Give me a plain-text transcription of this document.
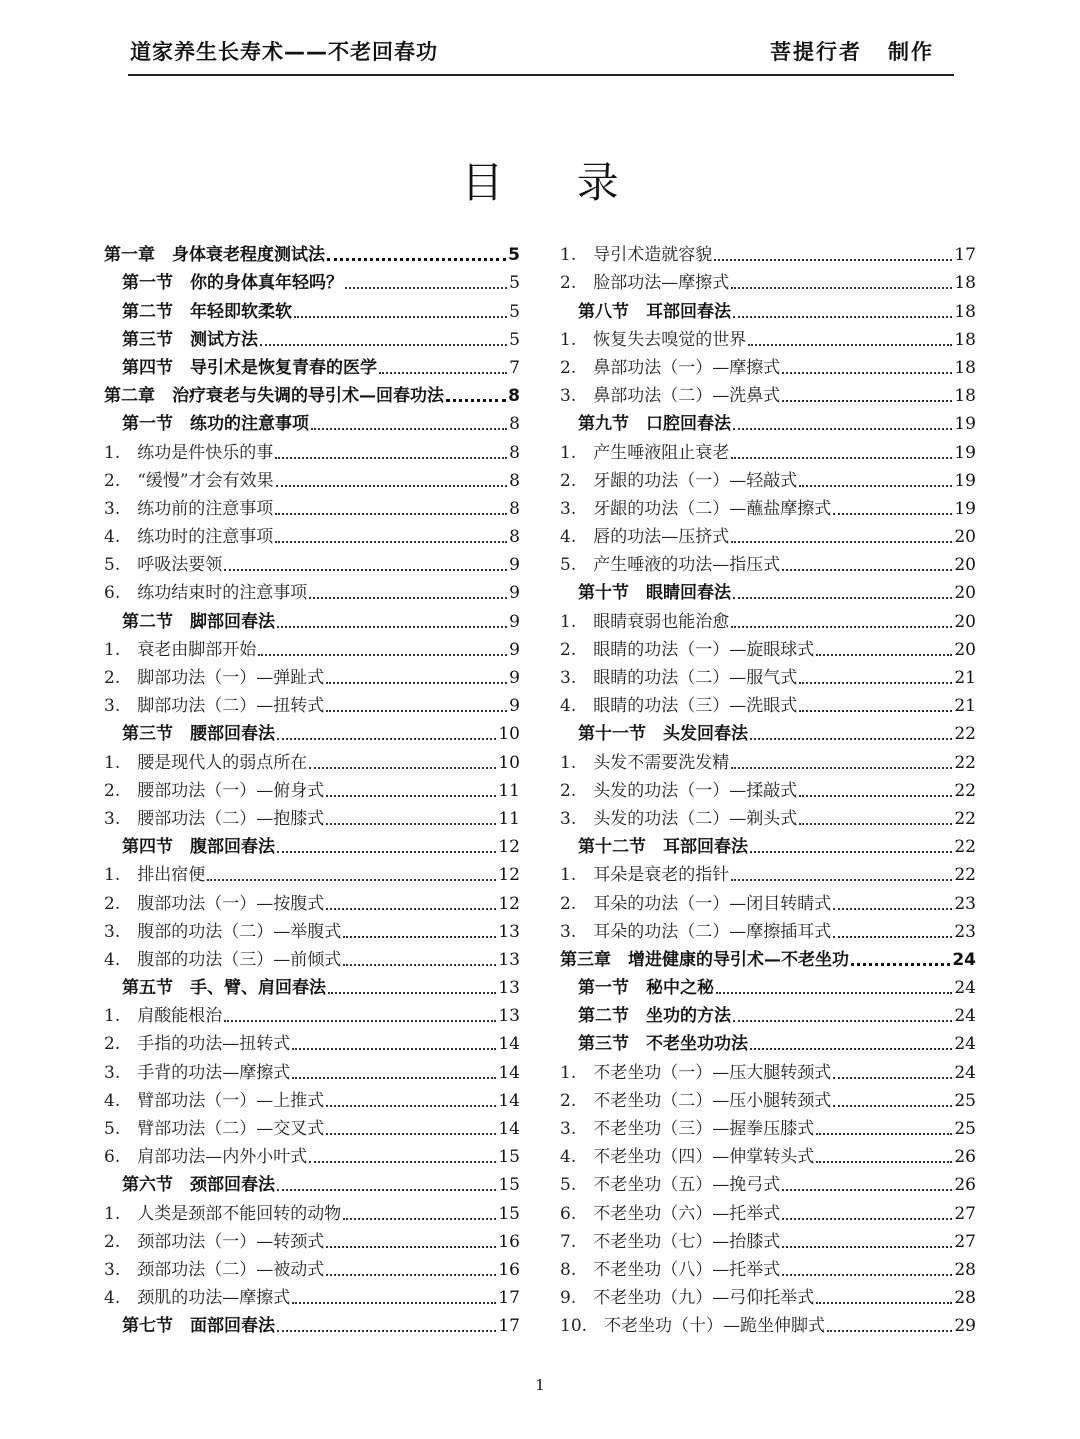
道家养生长寿术——不老回春功	菩提行者 制作
目 录
第一章　身体衰老程度测试法	5
第一节　你的身体真年轻吗？	5
第二节　年轻即软柔软	5
第三节　测试方法	5
第四节　导引术是恢复青春的医学	7
第二章　治疗衰老与失调的导引术—回春功法	8
第一节　练功的注意事项	8
1.　练功是件快乐的事	8
2.　“缓慢”才会有效果	8
3.　练功前的注意事项	8
4.　练功时的注意事项	8
5.　呼吸法要领	9
6.　练功结束时的注意事项	9
第二节　脚部回春法	9
1.　衰老由脚部开始	9
2.　脚部功法（一）—弹趾式	9
3.　脚部功法（二）—扭转式	9
第三节　腰部回春法	10
1.　腰是现代人的弱点所在	10
2.　腰部功法（一）—俯身式	11
3.　腰部功法（二）—抱膝式	11
第四节　腹部回春法	12
1.　排出宿便	12
2.　腹部功法（一）—按腹式	12
3.　腹部的功法（二）—举腹式	13
4.　腹部的功法（三）—前倾式	13
第五节　手、臂、肩回春法	13
1.　肩酸能根治	13
2.　手指的功法—扭转式	14
3.　手背的功法—摩擦式	14
4.　臂部功法（一）—上推式	14
5.　臂部功法（二）—交叉式	14
6.　肩部功法—内外小叶式	15
第六节　颈部回春法	15
1.　人类是颈部不能回转的动物	15
2.　颈部功法（一）—转颈式	16
3.　颈部功法（二）—被动式	16
4.　颈肌的功法—摩擦式	17
第七节　面部回春法	17
1.　导引术造就容貌	17
2.　脸部功法—摩擦式	18
第八节　耳部回春法	18
1.　恢复失去嗅觉的世界	18
2.　鼻部功法（一）—摩擦式	18
3.　鼻部功法（二）—洗鼻式	18
第九节　口腔回春法	19
1.　产生唾液阻止衰老	19
2.　牙龈的功法（一）—轻敲式	19
3.　牙龈的功法（二）—蘸盐摩擦式	19
4.　唇的功法—压挤式	20
5.　产生唾液的功法—指压式	20
第十节　眼睛回春法	20
1.　眼睛衰弱也能治愈	20
2.　眼睛的功法（一）—旋眼球式	20
3.　眼睛的功法（二）—服气式	21
4.　眼睛的功法（三）—洗眼式	21
第十一节　头发回春法	22
1.　头发不需要洗发精	22
2.　头发的功法（一）—揉敲式	22
3.　头发的功法（二）—剃头式	22
第十二节　耳部回春法	22
1.　耳朵是衰老的指针	22
2.　耳朵的功法（一）—闭目转睛式	23
3.　耳朵的功法（二）—摩擦插耳式	23
第三章　增进健康的导引术—不老坐功	24
第一节　秘中之秘	24
第二节　坐功的方法	24
第三节　不老坐功功法	24
1.　不老坐功（一）—压大腿转颈式	24
2.　不老坐功（二）—压小腿转颈式	25
3.　不老坐功（三）—握拳压膝式	25
4.　不老坐功（四）—伸掌转头式	26
5.　不老坐功（五）—挽弓式	26
6.　不老坐功（六）—托举式	27
7.　不老坐功（七）—抬膝式	27
8.　不老坐功（八）—托举式	28
9.　不老坐功（九）—弓仰托举式	28
10.　不老坐功（十）—跪坐伸脚式	29
1
